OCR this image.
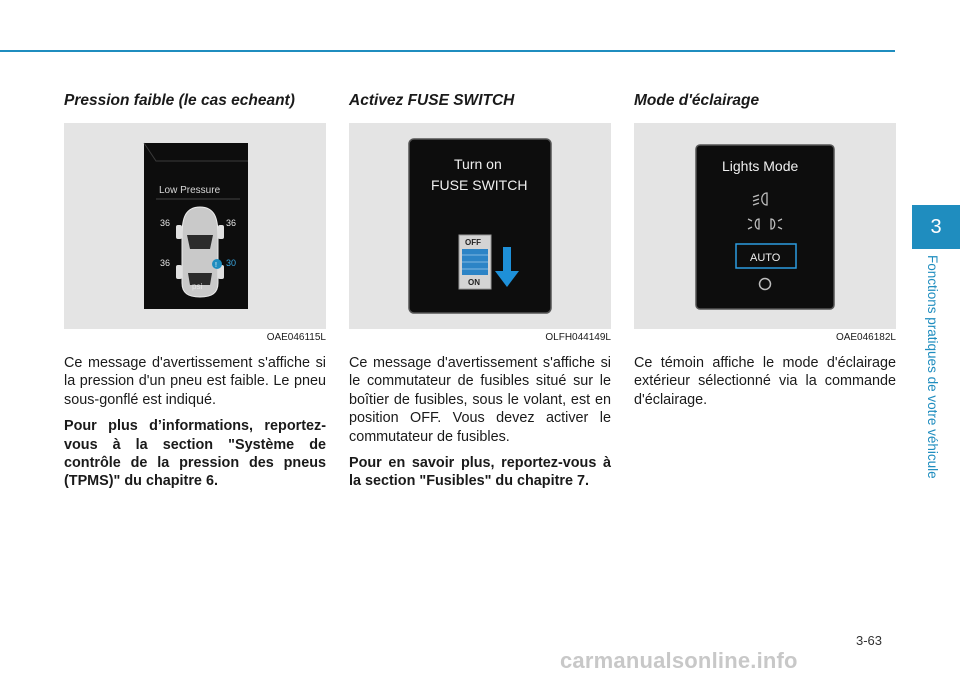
Pression faible (le cas echeant)
Low Pressure
36	36
36	! 30
psi
OAE046115L

Ce message d'avertissement s'affiche si la pression d'un pneu est faible. Le pneu sous-gonflé est indiqué.

Pour plus d’informations, reportez-vous à la section "Système de contrôle de la pression des pneus (TPMS)" du chapitre 6.

Activez FUSE SWITCH
Turn on
FUSE SWITCH
OFF
ON
OLFH044149L

Ce message d'avertissement s'affiche si le commutateur de fusibles situé sur le boîtier de fusibles, sous le volant, est en position OFF. Vous devez activer le commutateur de fusibles.

Pour en savoir plus, reportez-vous à la section "Fusibles" du chapitre 7.

Mode d'éclairage
Lights Mode
AUTO
OAE046182L

Ce témoin affiche le mode d'éclairage extérieur sélectionné via la commande d'éclairage.

3
Fonctions pratiques de votre véhicule
3-63
carmanualsonline.info
